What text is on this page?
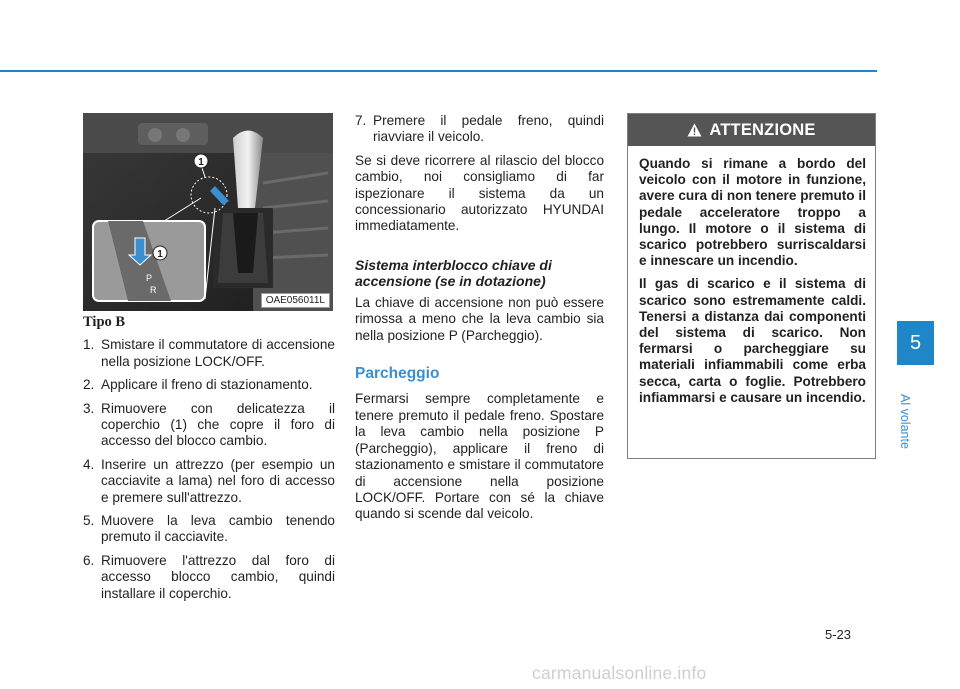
1
1
P
R
OAE056011L
Tipo B
1. Smistare il commutatore di accensione nella posizione LOCK/OFF.
2. Applicare il freno di stazionamento.
3. Rimuovere con delicatezza il coperchio (1) che copre il foro di accesso del blocco cambio.
4. Inserire un attrezzo (per esempio un cacciavite a lama) nel foro di accesso e premere sull'attrezzo.
5. Muovere la leva cambio tenendo premuto il cacciavite.
6. Rimuovere l'attrezzo dal foro di accesso blocco cambio, quindi installare il coperchio.
7. Premere il pedale freno, quindi riavviare il veicolo.

Se si deve ricorrere al rilascio del blocco cambio, noi consigliamo di far ispezionare il sistema da un concessionario autorizzato HYUNDAI immediatamente.

Sistema interblocco chiave di accensione (se in dotazione)

La chiave di accensione non può essere rimossa a meno che la leva cambio sia nella posizione P (Parcheggio).

Parcheggio

Fermarsi sempre completamente e tenere premuto il pedale freno. Spostare la leva cambio nella posizione P (Parcheggio), applicare il freno di stazionamento e smistare il commutatore di accensione nella posizione LOCK/OFF. Portare con sé la chiave quando si scende dal veicolo.

ATTENZIONE

Quando si rimane a bordo del veicolo con il motore in funzione, avere cura di non tenere premuto il pedale acceleratore troppo a lungo. Il motore o il sistema di scarico potrebbero surriscaldarsi e innescare un incendio.

Il gas di scarico e il sistema di scarico sono estremamente caldi. Tenersi a distanza dai componenti del sistema di scarico. Non fermarsi o parcheggiare su materiali infiammabili come erba secca, carta o foglie. Potrebbero infiammarsi e causare un incendio.

5
Al volante
5-23
carmanualsonline.info
